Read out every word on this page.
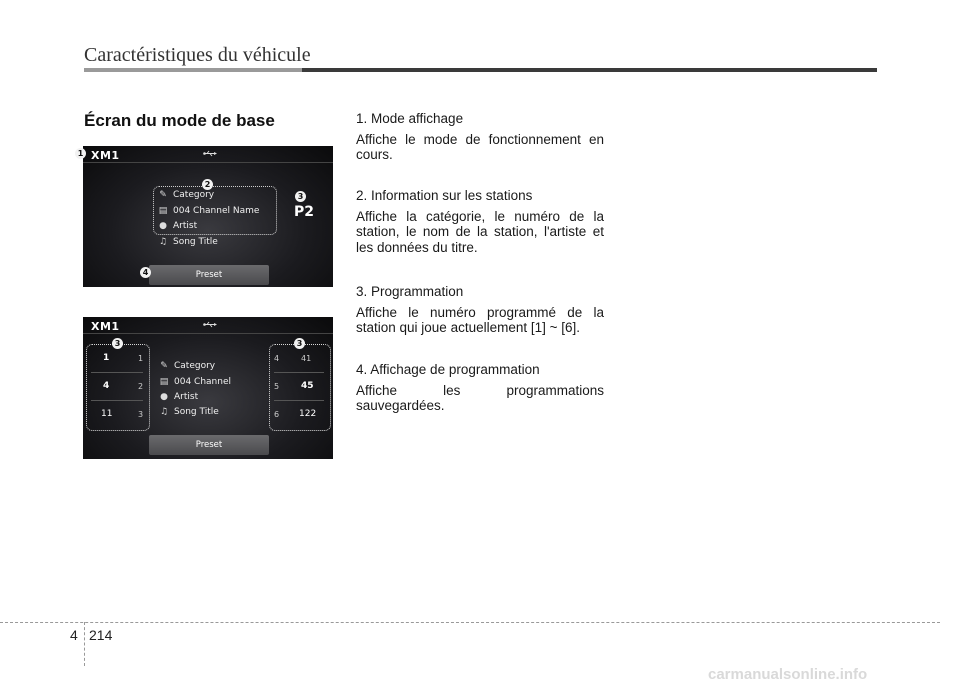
Caractéristiques du véhicule
Écran du mode de base
XM1
✎ Category
▤ 004 Channel Name
● Artist
♫ Song Title
P2
Preset
1
2
3
4
XM1
1	1
4	2
11	3
✎ Category
▤ 004 Channel
● Artist
♫ Song Title
4	41
5 45
6 122
Preset
3	3
1. Mode affichage
Affiche le mode de fonctionnement en cours.
2. Information sur les stations
Affiche la catégorie, le numéro de la station, le nom de la station, l'artiste et les données du titre.
3. Programmation
Affiche le numéro programmé de la station qui joue actuellement [1] ~ [6].
4. Affichage de programmation
Affiche les programmations sauvegardées.
4 214
carmanualsonline.info
